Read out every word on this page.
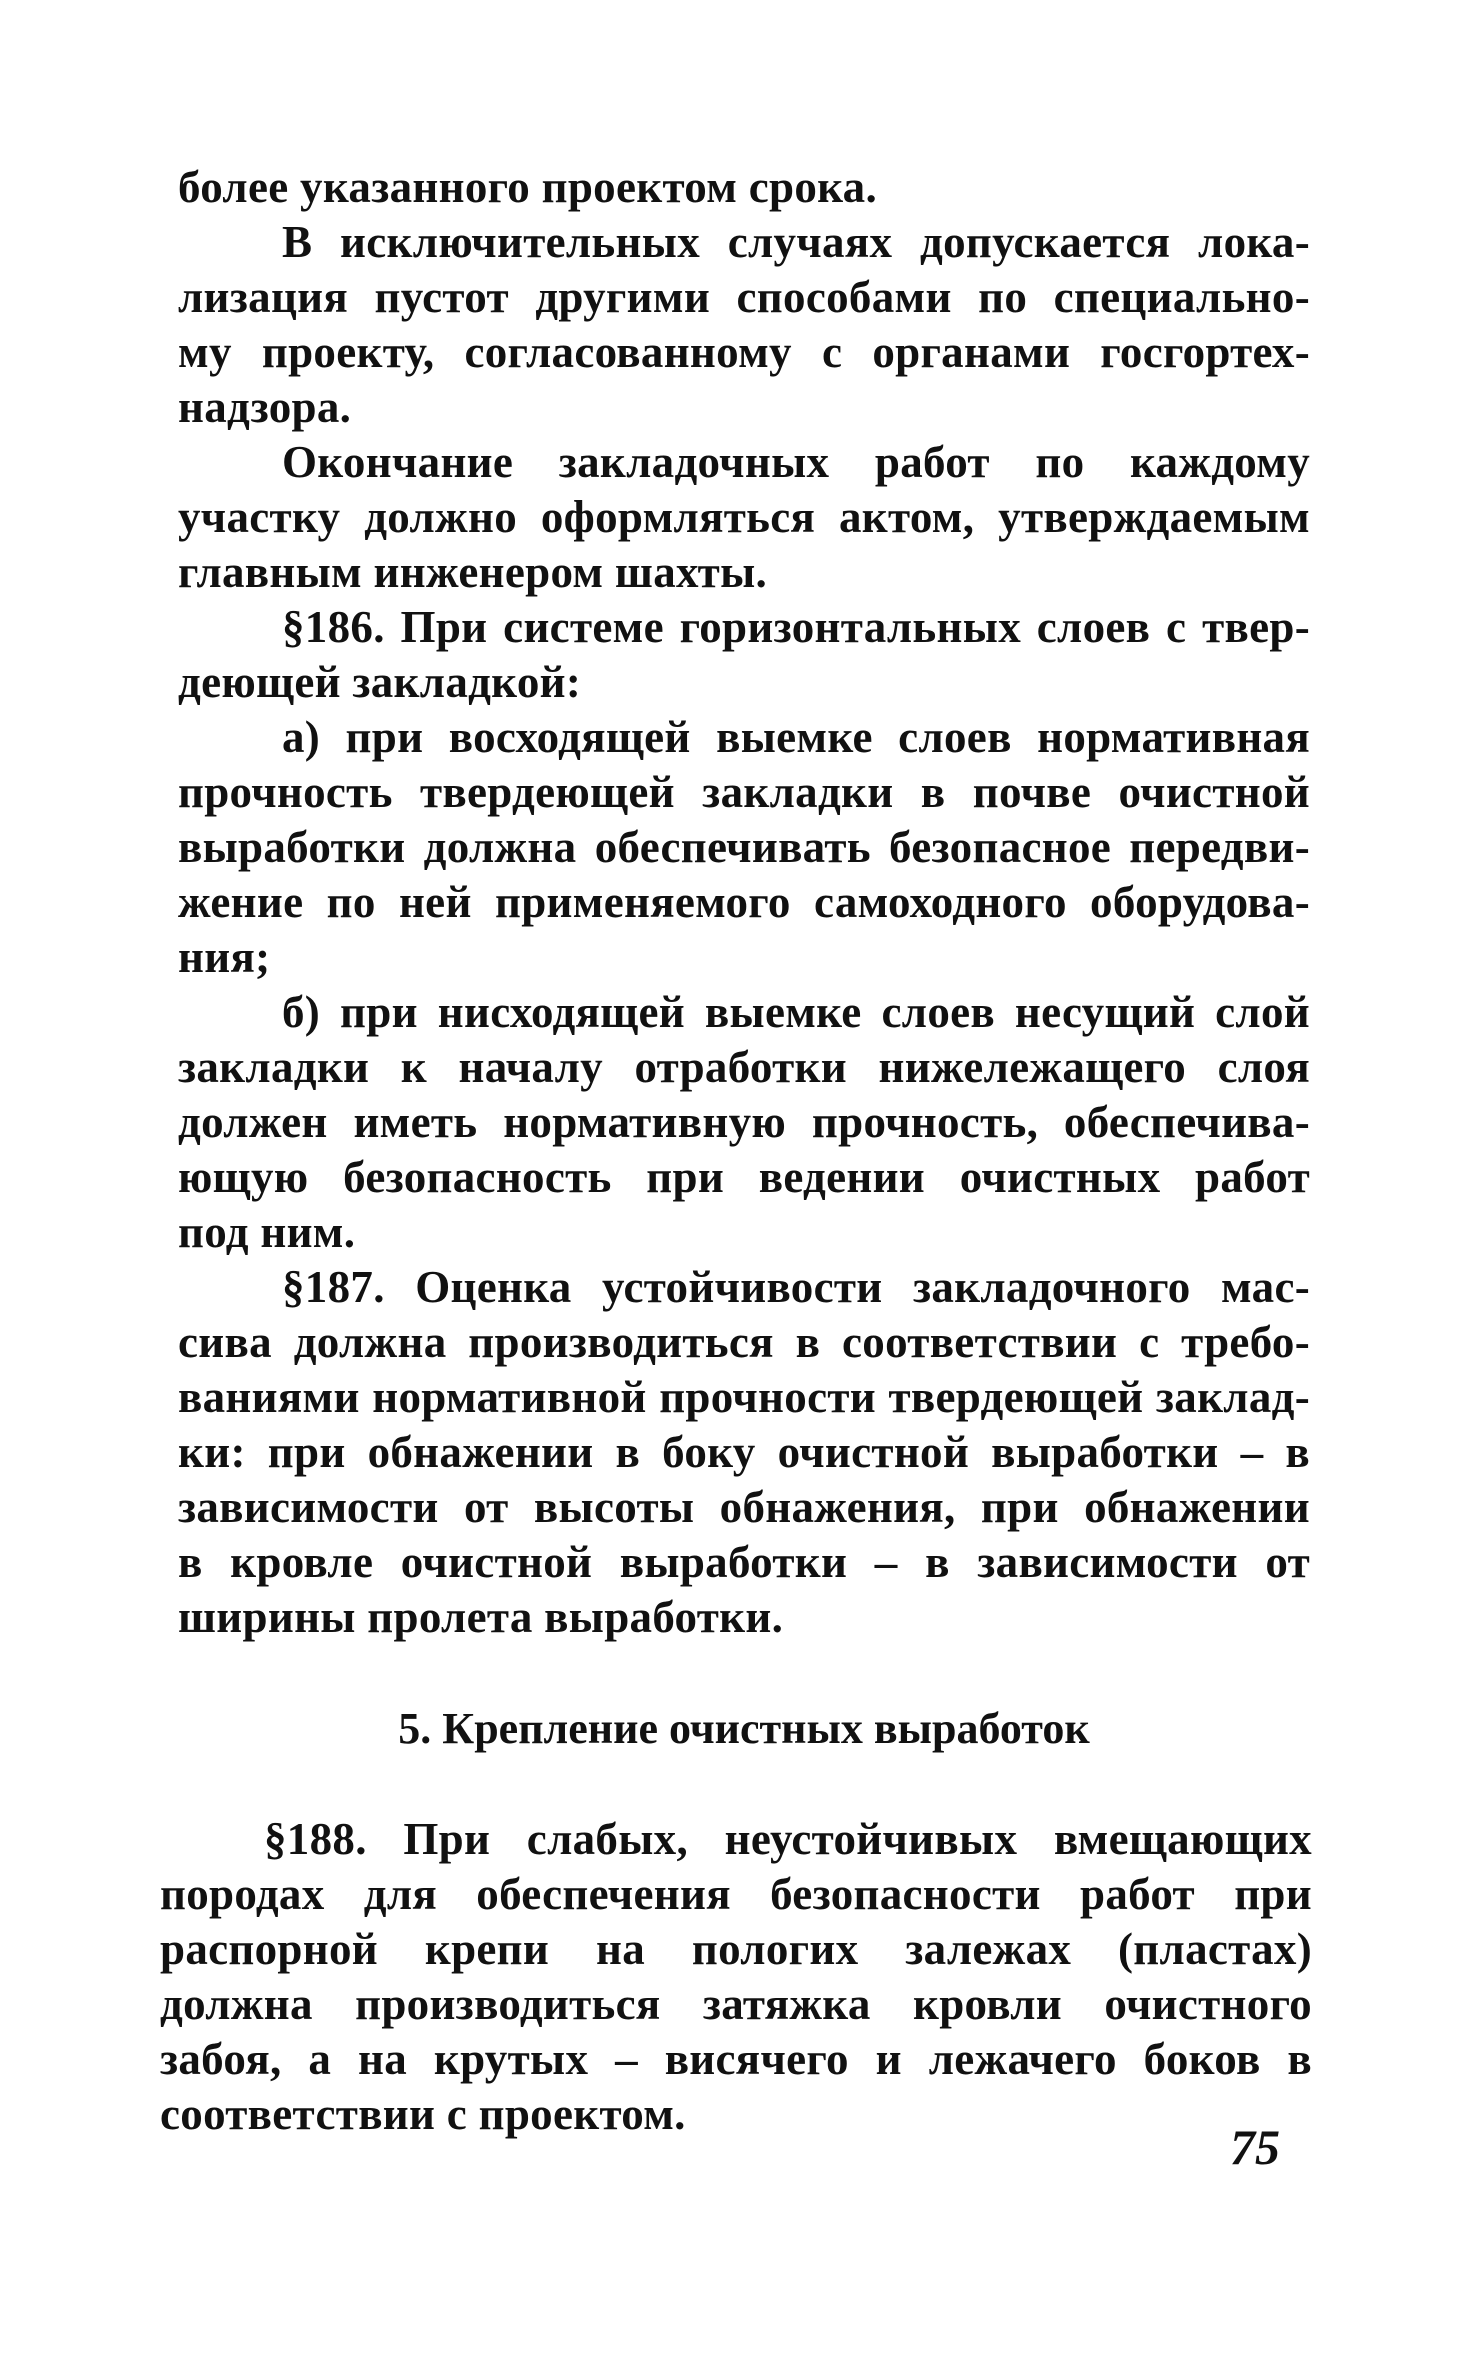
более указанного проектом срока.
В исключительных случаях допускается лока-
лизация пустот другими способами по специально-
му проекту, согласованному с органами госгортех-
надзора.
Окончание закладочных работ по каждому
участку должно оформляться актом, утверждаемым
главным инженером шахты.
§186. При системе горизонтальных слоев с твер-
деющей закладкой:
а) при восходящей выемке слоев нормативная
прочность твердеющей закладки в почве очистной
выработки должна обеспечивать безопасное передви-
жение по ней применяемого самоходного оборудова-
ния;
б) при нисходящей выемке слоев несущий слой
закладки к началу отработки нижележащего слоя
должен иметь нормативную прочность, обеспечива-
ющую безопасность при ведении очистных работ
под ним.
§187. Оценка устойчивости закладочного мас-
сива должна производиться в соответствии с требо-
ваниями нормативной прочности твердеющей заклад-
ки: при обнажении в боку очистной выработки – в
зависимости от высоты обнажения, при обнажении
в кровле очистной выработки – в зависимости от
ширины пролета выработки.
5. Крепление очистных выработок
§188. При слабых, неустойчивых вмещающих
породах для обеспечения безопасности работ при
распорной крепи на пологих залежах (пластах)
должна производиться затяжка кровли очистного
забоя, а на крутых – висячего и лежачего боков в
соответствии с проектом.
75
